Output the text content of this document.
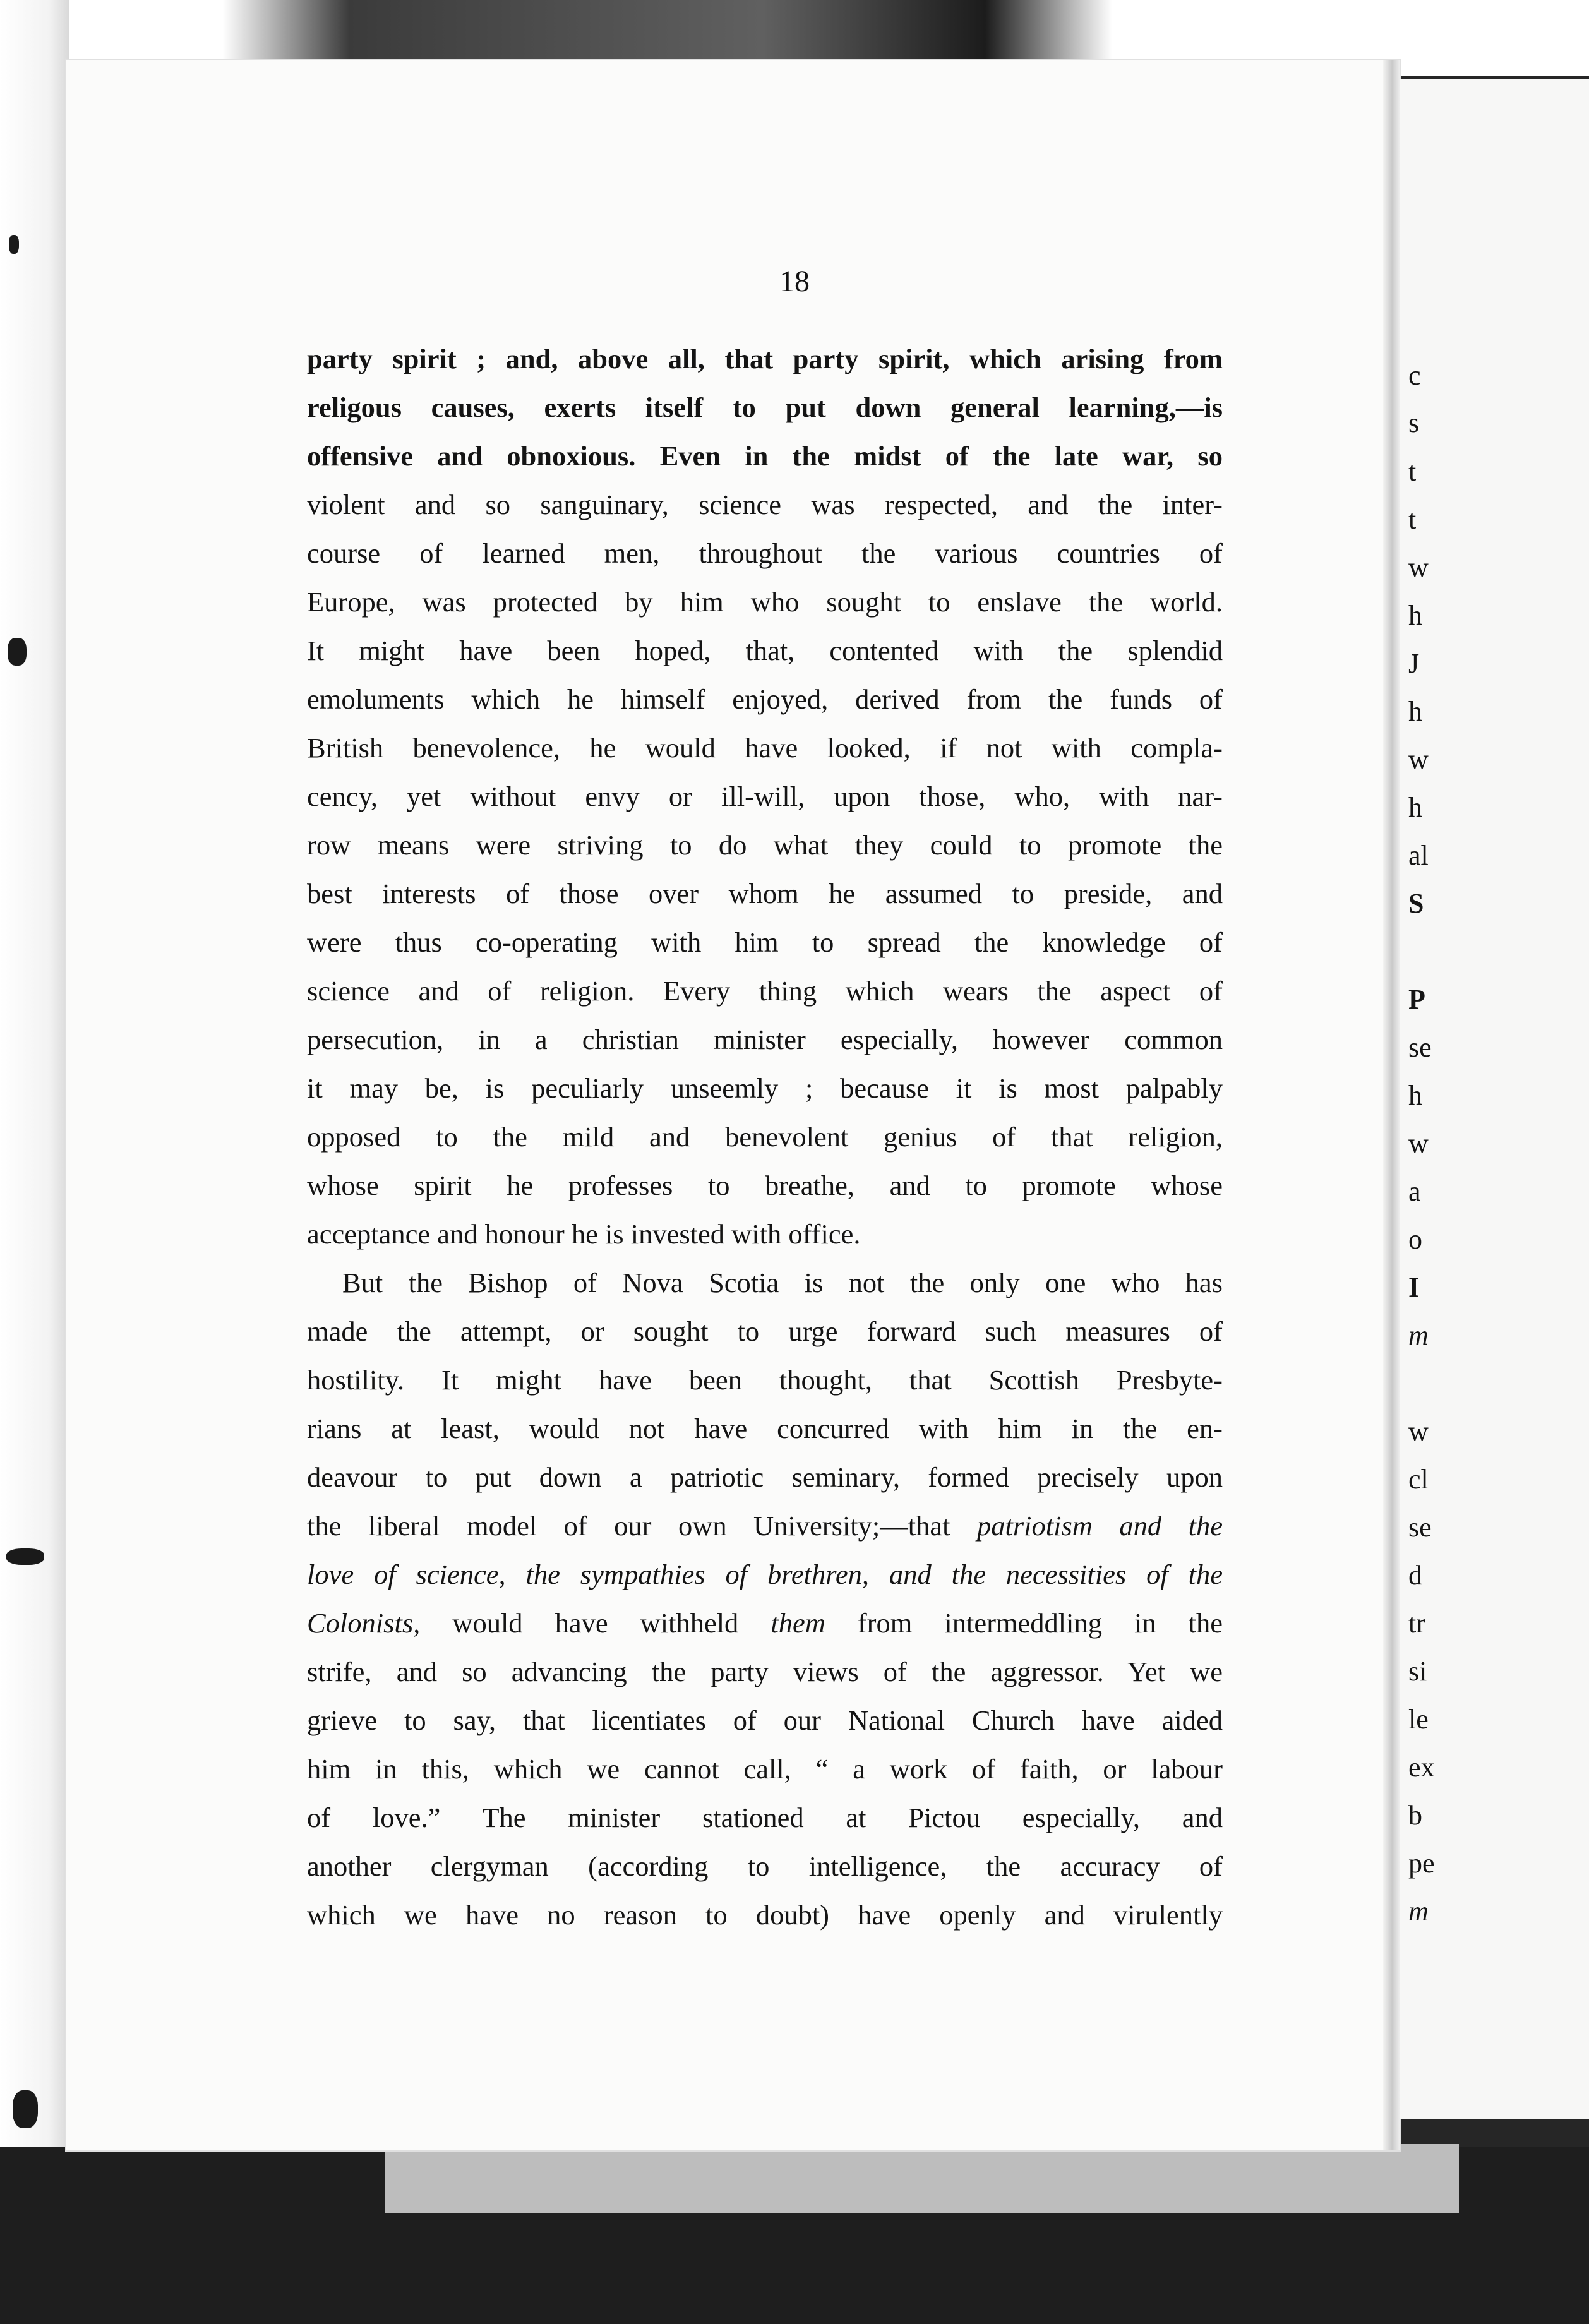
c
s
t
t
w
h
J
h
w
h
al
S
P
se
h
w
a
o
I
m
w
cl
se
d
tr
si
le
ex
b
pe
m
18
party spirit ; and, above all, that party spirit, which arising from
religous causes, exerts itself to put down general learning,—is
offensive and obnoxious. Even in the midst of the late war, so
violent and so sanguinary, science was respected, and the inter-
course of learned men, throughout the various countries of
Europe, was protected by him who sought to enslave the world.
It might have been hoped, that, contented with the splendid
emoluments which he himself enjoyed, derived from the funds of
British benevolence, he would have looked, if not with compla-
cency, yet without envy or ill-will, upon those, who, with nar-
row means were striving to do what they could to promote the
best interests of those over whom he assumed to preside, and
were thus co-operating with him to spread the knowledge of
science and of religion. Every thing which wears the aspect of
persecution, in a christian minister especially, however common
it may be, is peculiarly unseemly ; because it is most palpably
opposed to the mild and benevolent genius of that religion,
whose spirit he professes to breathe, and to promote whose
acceptance and honour he is invested with office.
But the Bishop of Nova Scotia is not the only one who has
made the attempt, or sought to urge forward such measures of
hostility. It might have been thought, that Scottish Presbyte-
rians at least, would not have concurred with him in the en-
deavour to put down a patriotic seminary, formed precisely upon
the liberal model of our own University;—that patriotism and the
love of science, the sympathies of brethren, and the necessities of the
Colonists, would have withheld them from intermeddling in the
strife, and so advancing the party views of the aggressor. Yet we
grieve to say, that licentiates of our National Church have aided
him in this, which we cannot call, “ a work of faith, or labour
of love.” The minister stationed at Pictou especially, and
another clergyman (according to intelligence, the accuracy of
which we have no reason to doubt) have openly and virulently
